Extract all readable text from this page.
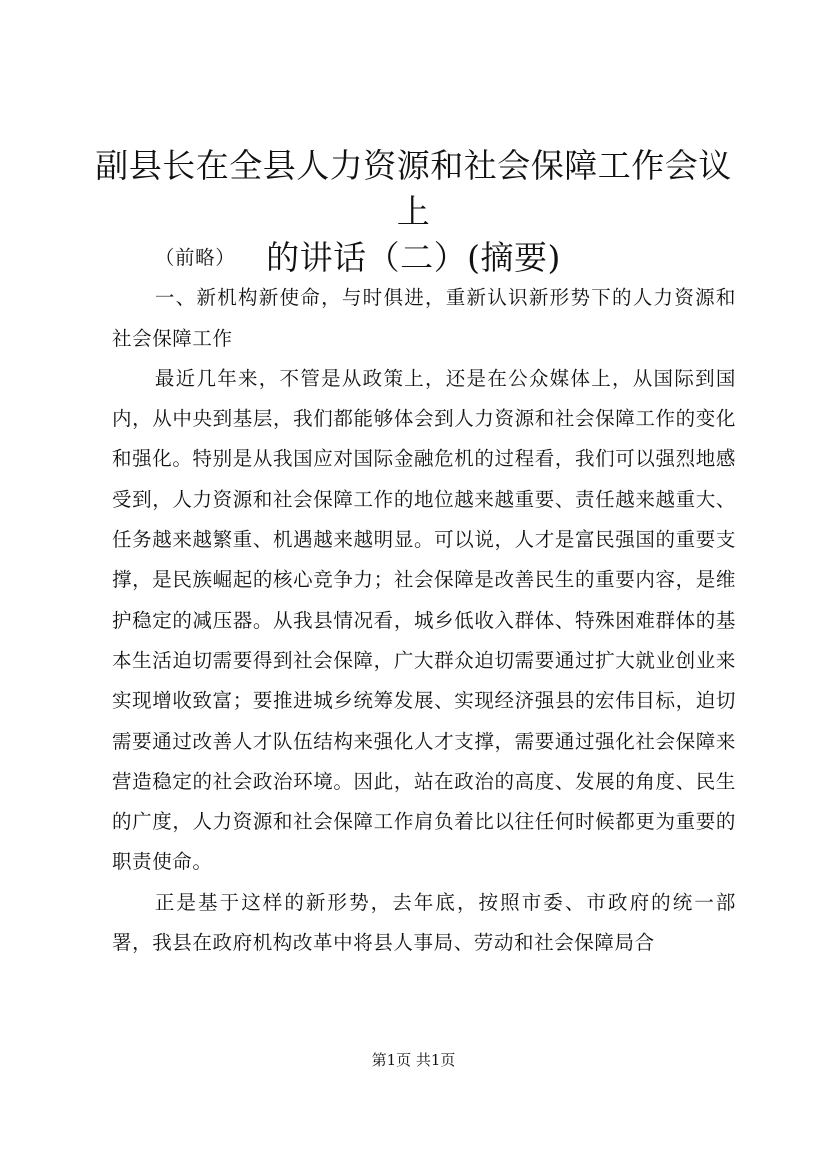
副县长在全县人力资源和社会保障工作会议上
的讲话（二）(摘要)

（前略）

一、新机构新使命，与时俱进，重新认识新形势下的人力资源和社会保障工作

最近几年来，不管是从政策上，还是在公众媒体上，从国际到国内，从中央到基层，我们都能够体会到人力资源和社会保障工作的变化和强化。特别是从我国应对国际金融危机的过程看，我们可以强烈地感受到，人力资源和社会保障工作的地位越来越重要、责任越来越重大、任务越来越繁重、机遇越来越明显。可以说，人才是富民强国的重要支撑，是民族崛起的核心竞争力；社会保障是改善民生的重要内容，是维护稳定的减压器。从我县情况看，城乡低收入群体、特殊困难群体的基本生活迫切需要得到社会保障，广大群众迫切需要通过扩大就业创业来实现增收致富；要推进城乡统筹发展、实现经济强县的宏伟目标，迫切需要通过改善人才队伍结构来强化人才支撑，需要通过强化社会保障来营造稳定的社会政治环境。因此，站在政治的高度、发展的角度、民生的广度，人力资源和社会保障工作肩负着比以往任何时候都更为重要的职责使命。

正是基于这样的新形势，去年底，按照市委、市政府的统一部署，我县在政府机构改革中将县人事局、劳动和社会保障局合

第1页 共1页
